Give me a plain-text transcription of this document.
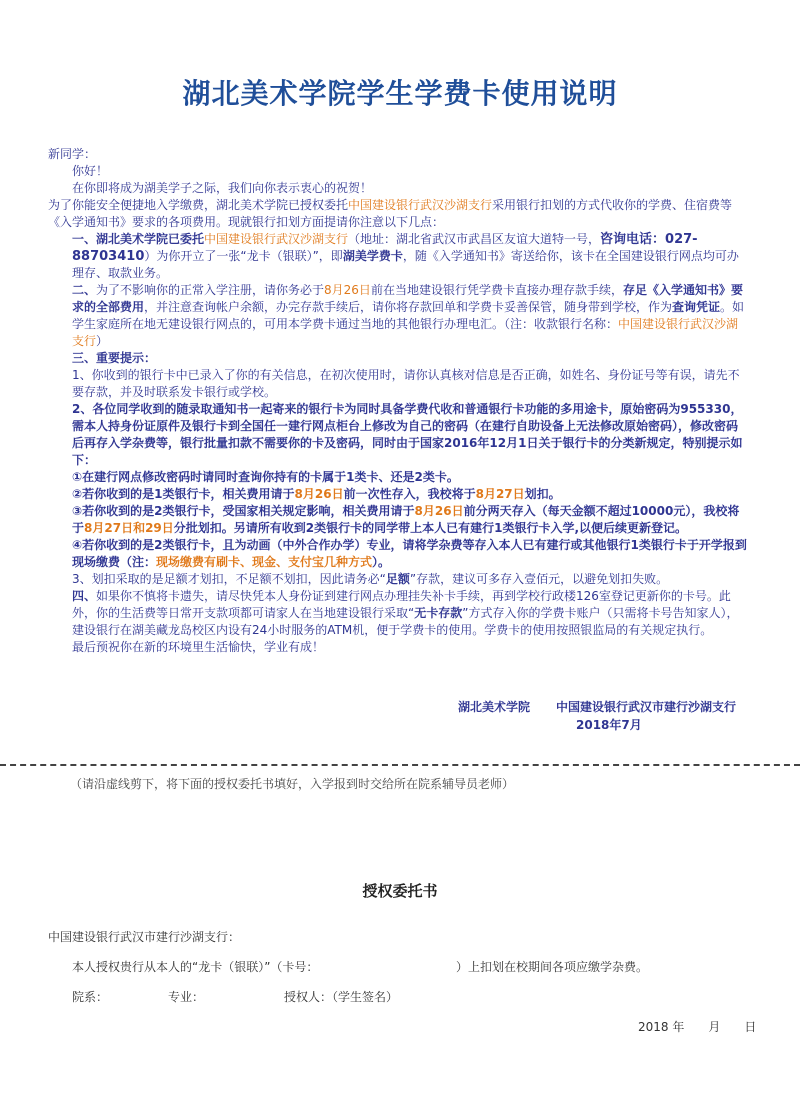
湖北美术学院学生学费卡使用说明

新同学：

你好！

在你即将成为湖美学子之际，我们向你表示衷心的祝贺！

为了你能安全便捷地入学缴费，湖北美术学院已授权委托中国建设银行武汉沙湖支行采用银行扣划的方式代收你的学费、住宿费等《入学通知书》要求的各项费用。现就银行扣划方面提请你注意以下几点：

一、湖北美术学院已委托中国建设银行武汉沙湖支行（地址：湖北省武汉市武昌区友谊大道特一号，咨询电话：027-88703410）为你开立了一张“龙卡（银联）”，即湖美学费卡，随《入学通知书》寄送给你，该卡在全国建设银行网点均可办理存、取款业务。

二、为了不影响你的正常入学注册，请你务必于8月26日前在当地建设银行凭学费卡直接办理存款手续，存足《入学通知书》要求的全部费用，并注意查询帐户余额，办完存款手续后，请你将存款回单和学费卡妥善保管，随身带到学校，作为查询凭证。如学生家庭所在地无建设银行网点的，可用本学费卡通过当地的其他银行办理电汇。（注：收款银行名称：中国建设银行武汉沙湖支行）

三、重要提示：

1、你收到的银行卡中已录入了你的有关信息，在初次使用时，请你认真核对信息是否正确，如姓名、身份证号等有误，请先不要存款，并及时联系发卡银行或学校。

2、各位同学收到的随录取通知书一起寄来的银行卡为同时具备学费代收和普通银行卡功能的多用途卡，原始密码为955330，需本人持身份证原件及银行卡到全国任一建行网点柜台上修改为自己的密码（在建行自助设备上无法修改原始密码），修改密码后再存入学杂费等，银行批量扣款不需要你的卡及密码，同时由于国家2016年12月1日关于银行卡的分类新规定，特别提示如下：

①在建行网点修改密码时请同时查询你持有的卡属于1类卡、还是2类卡。

②若你收到的是1类银行卡，相关费用请于8月26日前一次性存入，我校将于8月27日划扣。

③若你收到的是2类银行卡，受国家相关规定影响，相关费用请于8月26日前分两天存入（每天金额不超过10000元），我校将于8月27日和29日分批划扣。另请所有收到2类银行卡的同学带上本人已有建行1类银行卡入学,以便后续更新登记。

④若你收到的是2类银行卡，且为动画（中外合作办学）专业，请将学杂费等存入本人已有建行或其他银行1类银行卡于开学报到现场缴费（注：现场缴费有刷卡、现金、支付宝几种方式）。

3、划扣采取的是足额才划扣，不足额不划扣，因此请务必“足额”存款，建议可多存入壹佰元，以避免划扣失败。

四、如果你不慎将卡遗失，请尽快凭本人身份证到建行网点办理挂失补卡手续，再到学校行政楼126室登记更新你的卡号。此外，你的生活费等日常开支款项都可请家人在当地建设银行采取“无卡存款”方式存入你的学费卡账户（只需将卡号告知家人），建设银行在湖美藏龙岛校区内设有24小时服务的ATM机，便于学费卡的使用。学费卡的使用按照银监局的有关规定执行。

最后预祝你在新的环境里生活愉快，学业有成！

湖北美术学院 中国建设银行武汉市建行沙湖支行
2018年7月
（请沿虚线剪下，将下面的授权委托书填好，入学报到时交给所在院系辅导员老师）
授权委托书
中国建设银行武汉市建行沙湖支行：
本人授权贵行从本人的“龙卡（银联）”（卡号：	）上扣划在校期间各项应缴学杂费。
院系：	专业：	授权人：（学生签名）
2018 年　　月　　日
